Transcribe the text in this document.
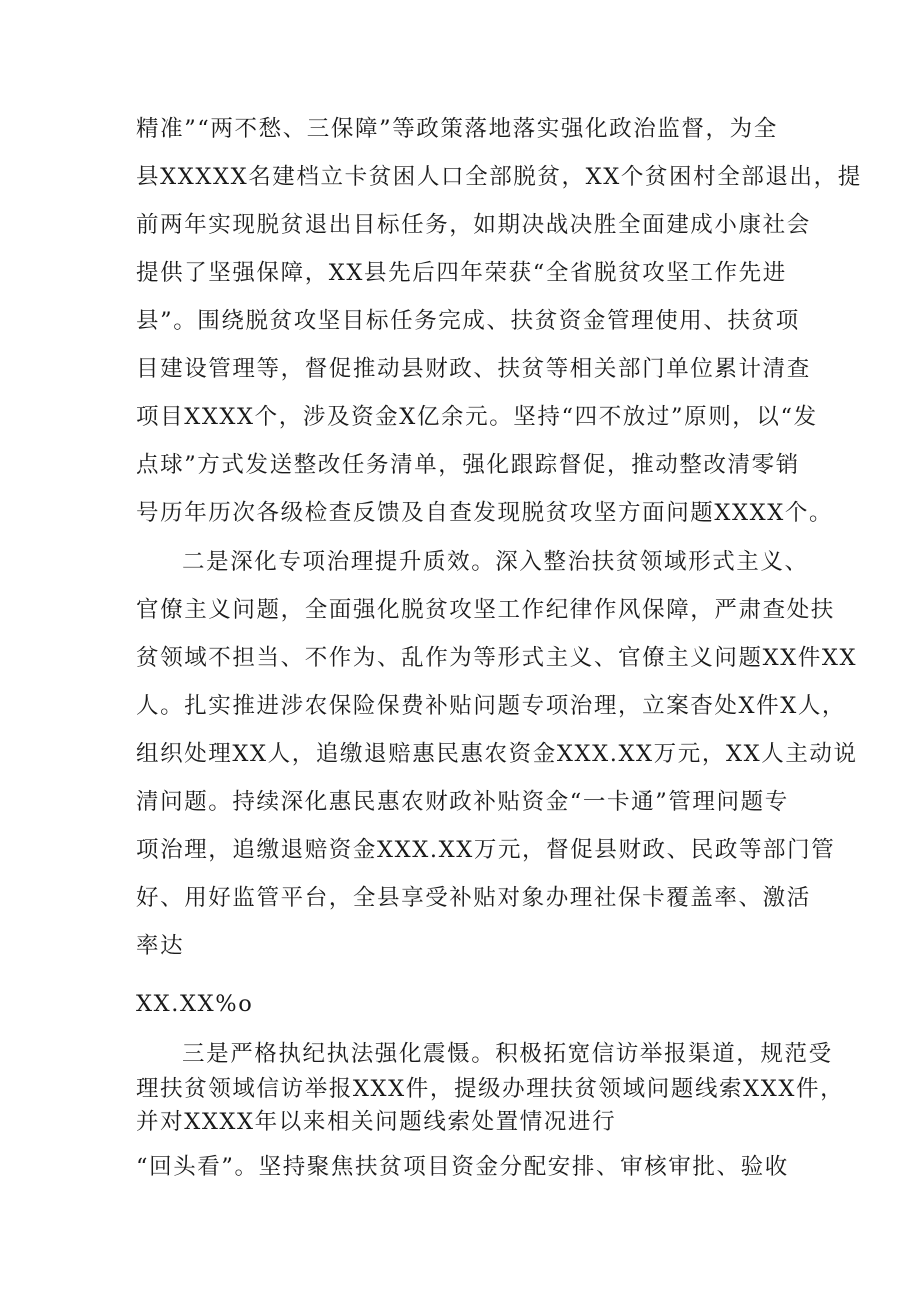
精准”“两不愁、三保障”等政策落地落实强化政治监督，为全
县XXXXX名建档立卡贫困人口全部脱贫，XX个贫困村全部退出，提
前两年实现脱贫退出目标任务，如期决战决胜全面建成小康社会
提供了坚强保障，XX县先后四年荣获“全省脱贫攻坚工作先进
县”。围绕脱贫攻坚目标任务完成、扶贫资金管理使用、扶贫项
目建设管理等，督促推动县财政、扶贫等相关部门单位累计清查
项目XXXX个，涉及资金X亿余元。坚持“四不放过”原则，以“发
点球”方式发送整改任务清单，强化跟踪督促，推动整改清零销
号历年历次各级检查反馈及自查发现脱贫攻坚方面问题XXXX个。
二是深化专项治理提升质效。深入整治扶贫领域形式主义、
官僚主义问题，全面强化脱贫攻坚工作纪律作风保障，严肃查处扶
贫领域不担当、不作为、乱作为等形式主义、官僚主义问题XX件XX
人。扎实推进涉农保险保费补贴问题专项治理，立案杳处X件X人，
组织处理XX人，追缴退赔惠民惠农资金XXX.XX万元，XX人主动说
清问题。持续深化惠民惠农财政补贴资金“一卡通”管理问题专
项治理，追缴退赔资金XXX.XX万元，督促县财政、民政等部门管
好、用好监管平台，全县享受补贴对象办理社保卡覆盖率、激活
率达
XX.XX%o
三是严格执纪执法强化震慑。积极拓宽信访举报渠道，规范受
理扶贫领域信访举报XXX件，提级办理扶贫领域问题线索XXX件，
并对XXXX年以来相关问题线索处置情况进行
“回头看”。坚持聚焦扶贫项目资金分配安排、审核审批、验收
